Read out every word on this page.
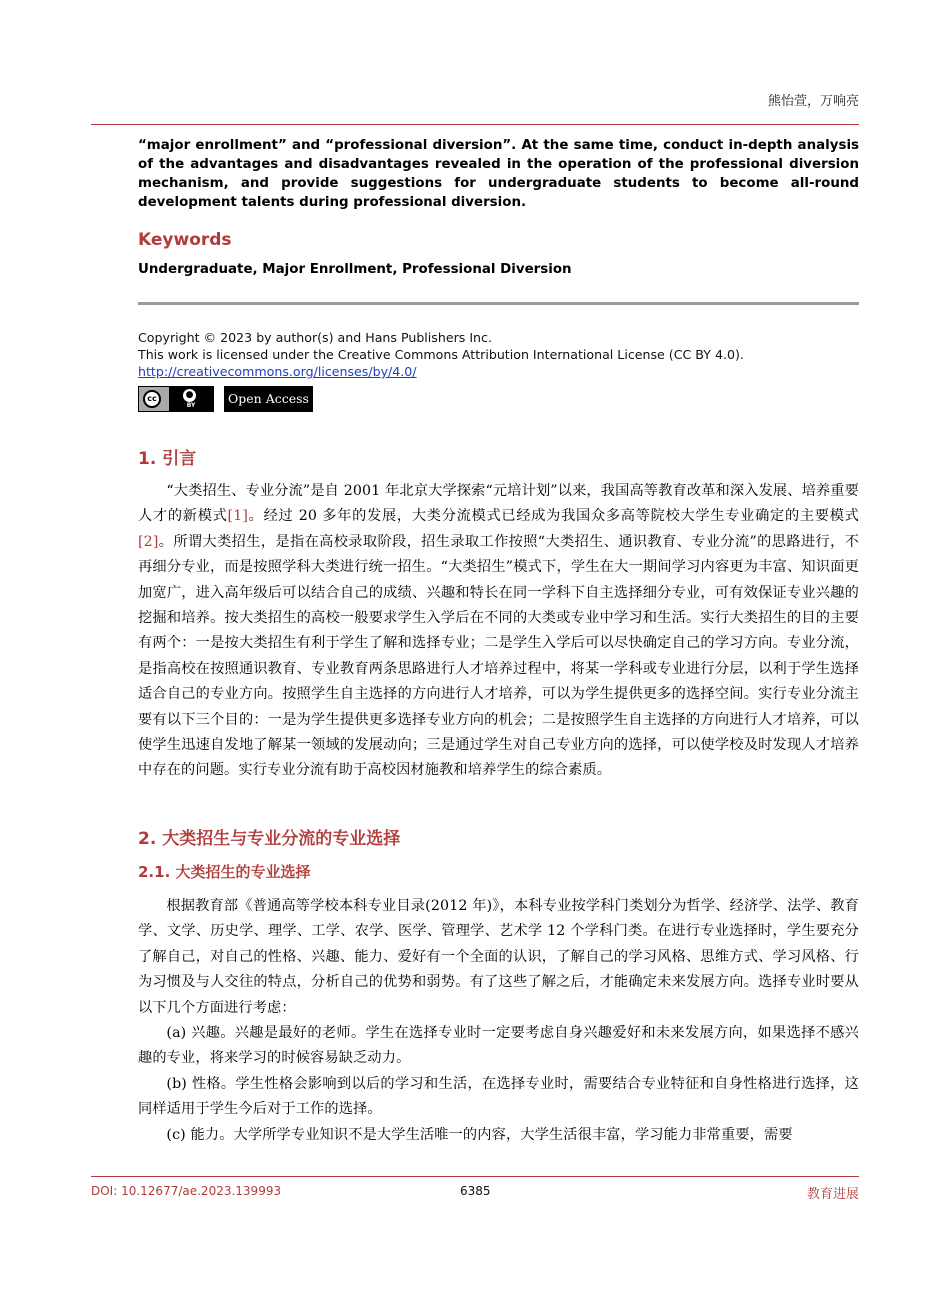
熊怡萱，万响亮
“major enrollment” and “professional diversion”. At the same time, conduct in-depth analysis of the advantages and disadvantages revealed in the operation of the professional diversion mechanism, and provide suggestions for undergraduate students to become all-round development talents during professional diversion.
Keywords
Undergraduate, Major Enrollment, Professional Diversion
Copyright © 2023 by author(s) and Hans Publishers Inc.
This work is licensed under the Creative Commons Attribution International License (CC BY 4.0).
http://creativecommons.org/licenses/by/4.0/
cc	●
BY	Open Access
1. 引言

“大类招生、专业分流”是自 2001 年北京大学探索“元培计划”以来，我国高等教育改革和深入发展、培养重要人才的新模式[1]。经过 20 多年的发展，大类分流模式已经成为我国众多高等院校大学生专业确定的主要模式[2]。所谓大类招生，是指在高校录取阶段，招生录取工作按照“大类招生、通识教育、专业分流”的思路进行，不再细分专业，而是按照学科大类进行统一招生。“大类招生”模式下，学生在大一期间学习内容更为丰富、知识面更加宽广，进入高年级后可以结合自己的成绩、兴趣和特长在同一学科下自主选择细分专业，可有效保证专业兴趣的挖掘和培养。按大类招生的高校一般要求学生入学后在不同的大类或专业中学习和生活。实行大类招生的目的主要有两个：一是按大类招生有利于学生了解和选择专业；二是学生入学后可以尽快确定自己的学习方向。专业分流，是指高校在按照通识教育、专业教育两条思路进行人才培养过程中，将某一学科或专业进行分层，以利于学生选择适合自己的专业方向。按照学生自主选择的方向进行人才培养，可以为学生提供更多的选择空间。实行专业分流主要有以下三个目的：一是为学生提供更多选择专业方向的机会；二是按照学生自主选择的方向进行人才培养，可以使学生迅速自发地了解某一领域的发展动向；三是通过学生对自己专业方向的选择，可以使学校及时发现人才培养中存在的问题。实行专业分流有助于高校因材施教和培养学生的综合素质。

2. 大类招生与专业分流的专业选择
2.1. 大类招生的专业选择

根据教育部《普通高等学校本科专业目录(2012 年)》，本科专业按学科门类划分为哲学、经济学、法学、教育学、文学、历史学、理学、工学、农学、医学、管理学、艺术学 12 个学科门类。在进行专业选择时，学生要充分了解自己，对自己的性格、兴趣、能力、爱好有一个全面的认识，了解自己的学习风格、思维方式、学习风格、行为习惯及与人交往的特点，分析自己的优势和弱势。有了这些了解之后，才能确定未来发展方向。选择专业时要从以下几个方面进行考虑：

(a) 兴趣。兴趣是最好的老师。学生在选择专业时一定要考虑自身兴趣爱好和未来发展方向，如果选择不感兴趣的专业，将来学习的时候容易缺乏动力。

(b) 性格。学生性格会影响到以后的学习和生活，在选择专业时，需要结合专业特征和自身性格进行选择，这同样适用于学生今后对于工作的选择。

(c) 能力。大学所学专业知识不是大学生活唯一的内容，大学生活很丰富，学习能力非常重要，需要

DOI: 10.12677/ae.2023.139993	6385	教育进展
